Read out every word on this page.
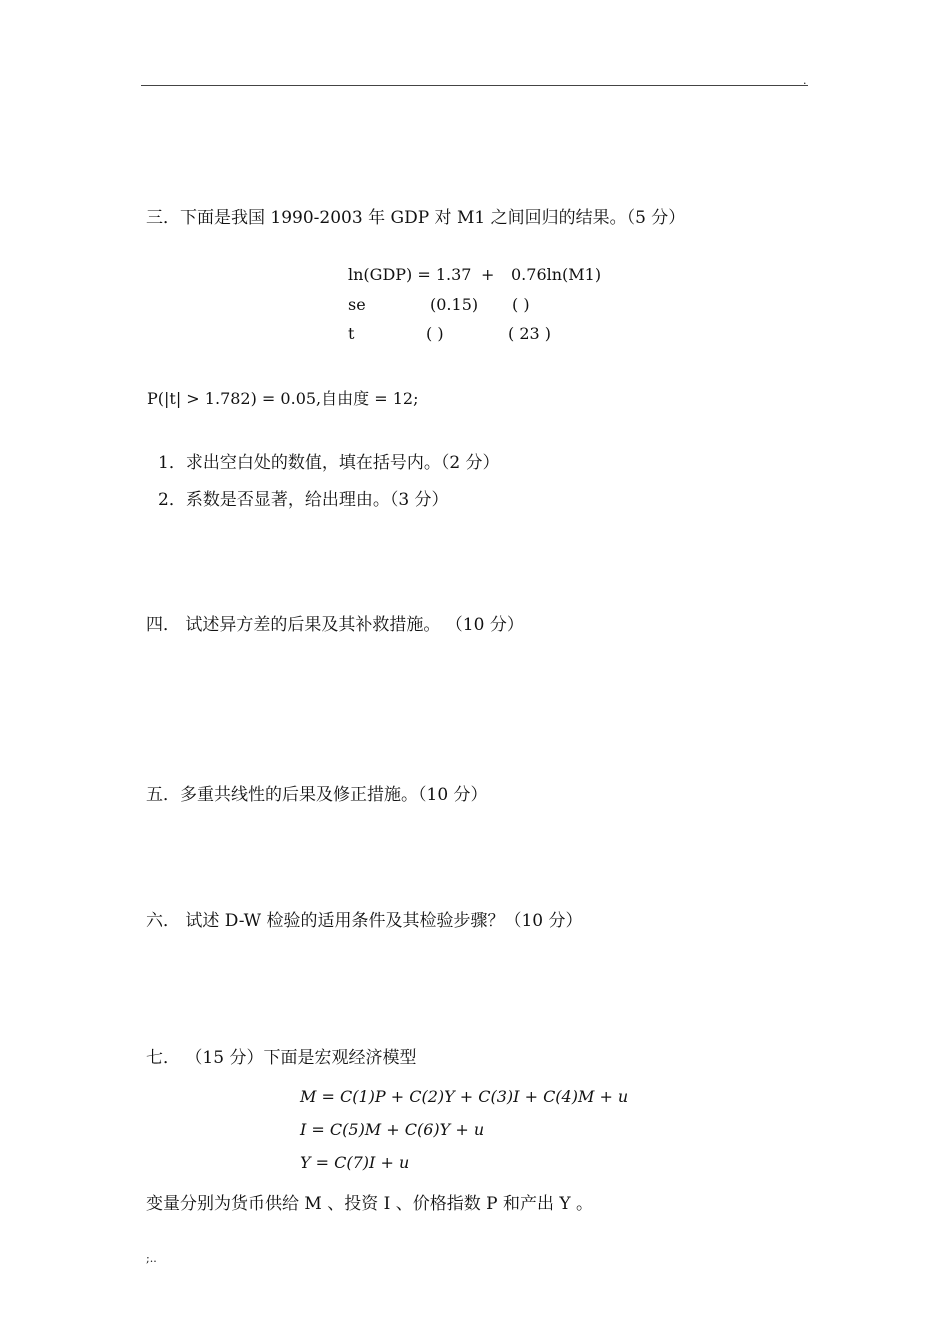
.
三．下面是我国 1990-2003 年 GDP 对 M1 之间回归的结果。（5 分）
ln(GDP) = 1.37 + 0.76ln(M1)
se	(0.15) ( )
t	( )	( 23 )
P(|t| > 1.782) = 0.05,自由度 = 12;
1．求出空白处的数值，填在括号内。（2 分）
2．系数是否显著，给出理由。（3 分）
四． 试述异方差的后果及其补救措施。 （10 分）
五．多重共线性的后果及修正措施。（10 分）
六． 试述 D-W 检验的适用条件及其检验步骤？（10 分）
七． （15 分）下面是宏观经济模型
M = C(1)P + C(2)Y + C(3)I + C(4)M + u
I = C(5)M + C(6)Y + u
Y = C(7)I + u
变量分别为货币供给 M 、投资 I 、价格指数 P 和产出 Y 。
;..
